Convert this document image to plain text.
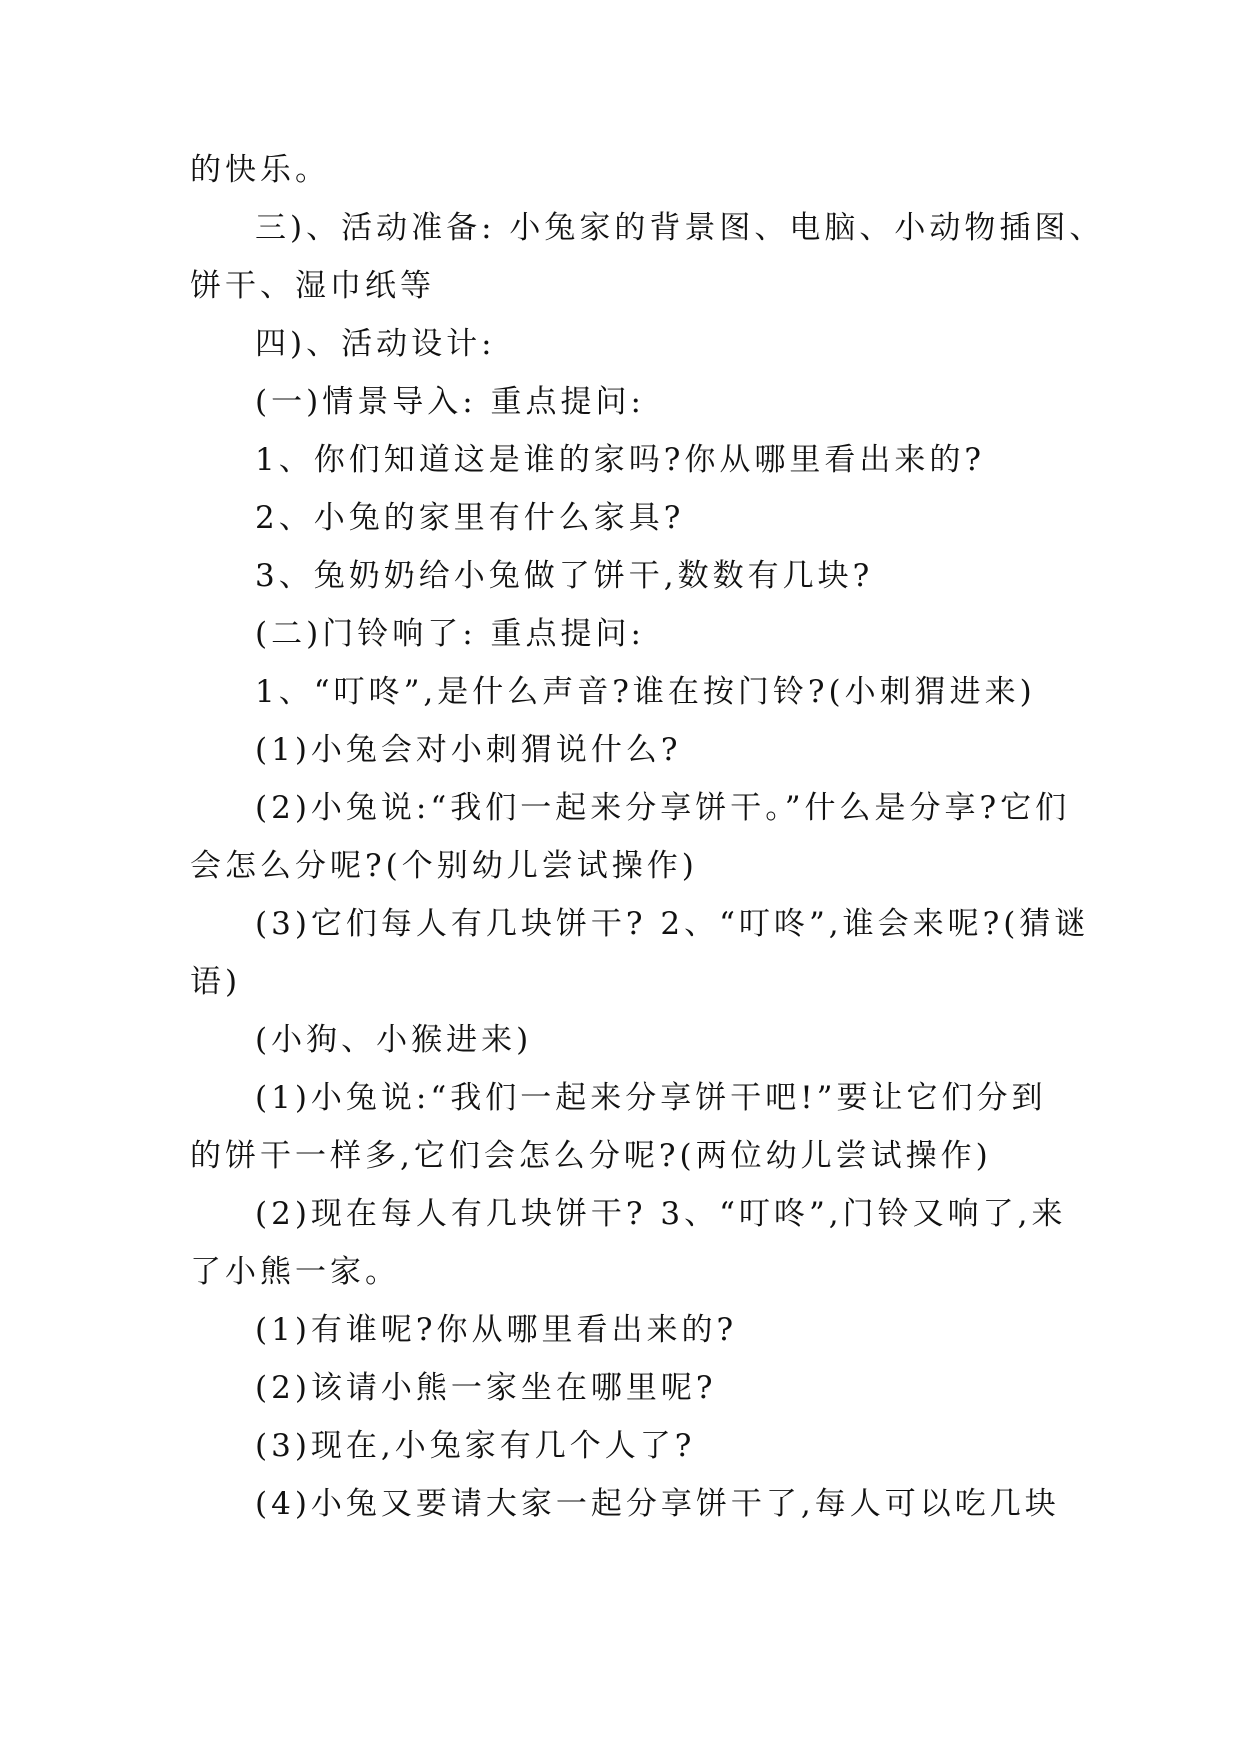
的快乐。
三)、活动准备: 小兔家的背景图、电脑、小动物插图、
饼干、湿巾纸等
四)、活动设计:
(一)情景导入: 重点提问:
1、你们知道这是谁的家吗?你从哪里看出来的?
2、小兔的家里有什么家具?
3、兔奶奶给小兔做了饼干,数数有几块?
(二)门铃响了: 重点提问:
1、“叮咚”,是什么声音?谁在按门铃?(小刺猬进来)
(1)小兔会对小刺猬说什么?
(2)小兔说:“我们一起来分享饼干。”什么是分享?它们
会怎么分呢?(个别幼儿尝试操作)
(3)它们每人有几块饼干? 2、“叮咚”,谁会来呢?(猜谜
语)
(小狗、小猴进来)
(1)小兔说:“我们一起来分享饼干吧!”要让它们分到
的饼干一样多,它们会怎么分呢?(两位幼儿尝试操作)
(2)现在每人有几块饼干? 3、“叮咚”,门铃又响了,来
了小熊一家。
(1)有谁呢?你从哪里看出来的?
(2)该请小熊一家坐在哪里呢?
(3)现在,小兔家有几个人了?
(4)小兔又要请大家一起分享饼干了,每人可以吃几块
